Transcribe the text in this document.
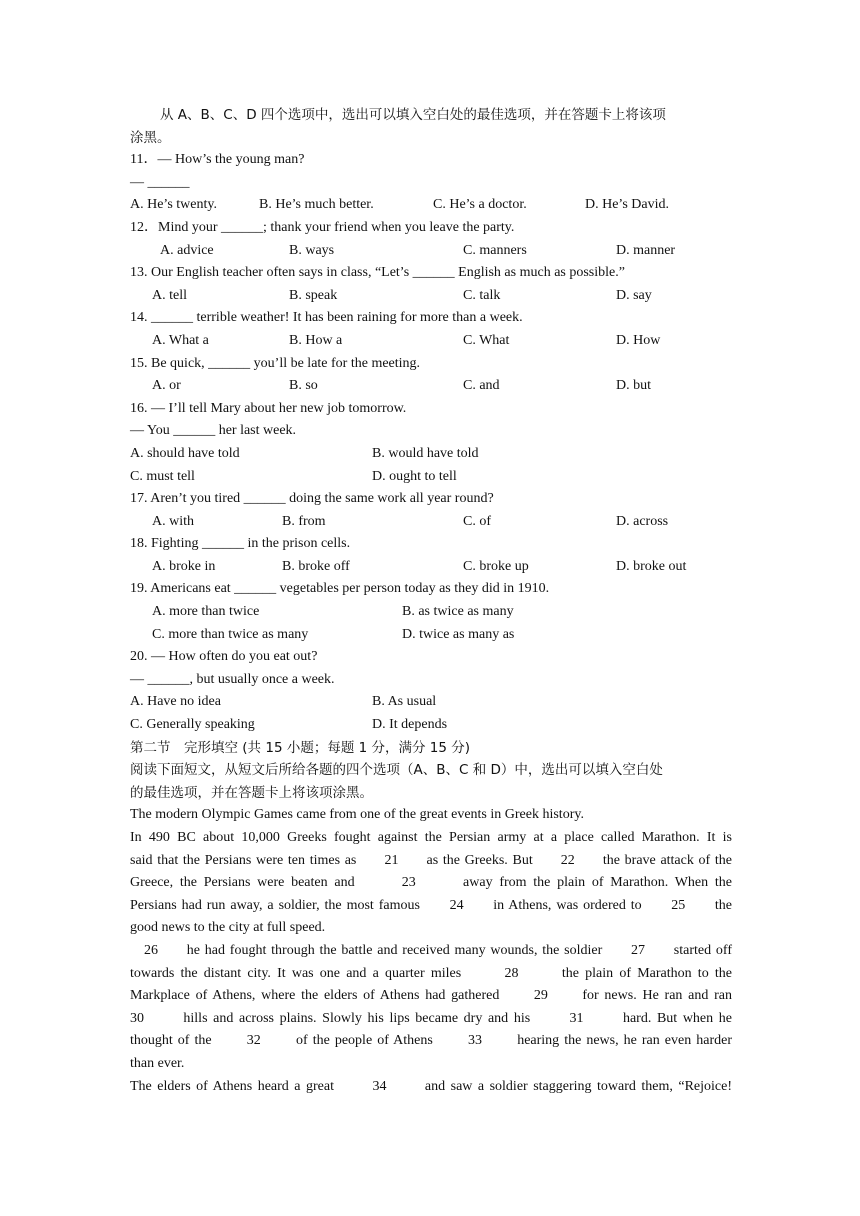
从 A、B、C、D 四个选项中，选出可以填入空白处的最佳选项，并在答题卡上将该项
涂黑。
11．— How’s the young man?
— ______
A. He’s twenty.	B. He’s much better.	C. He’s a doctor.	D. He’s David.
12．Mind your ______; thank your friend when you leave the party.
A. advice	B. ways	C. manners	D. manner
13. Our English teacher often says in class, “Let’s ______ English as much as possible.”
A. tell	B. speak	C. talk	D. say
14. ______ terrible weather! It has been raining for more than a week.
A. What a	B. How a	C. What	D. How
15. Be quick, ______ you’ll be late for the meeting.
A. or	B. so	C. and	D. but
16. — I’ll tell Mary about her new job tomorrow.
— You ______ her last week.
A. should have told	B. would have told
C. must tell	D. ought to tell
17. Aren’t you tired ______ doing the same work all year round?
A. with	B. from	C. of	D. across
18. Fighting ______ in the prison cells.
A. broke in	B. broke off	C. broke up	D. broke out
19. Americans eat ______ vegetables per person today as they did in 1910.
A. more than twice	B. as twice as many
C. more than twice as many	D. twice as many as
20. — How often do you eat out?
— ______, but usually once a week.
A. Have no idea	B. As usual
C. Generally speaking	D. It depends
第二节　完形填空 (共 15 小题；每题 1 分，满分 15 分)
阅读下面短文，从短文后所给各题的四个选项（A、B、C 和 D）中，选出可以填入空白处
的最佳选项，并在答题卡上将该项涂黑。
The modern Olympic Games came from one of the great events in Greek history.
In 490 BC about 10,000 Greeks fought against the Persian army at a place called Marathon. It is
said that the Persians were ten times as      21      as the Greeks. But      22      the brave attack of the
Greece, the Persians were beaten and       23       away from the plain of Marathon. When the
Persians had run away, a soldier, the most famous      24      in Athens, was ordered to      25      the
good news to the city at full speed.
26      he had fought through the battle and received many wounds, the soldier      27      started off
towards the distant city. It was one and a quarter miles       28       the plain of Marathon to the
Markplace of Athens, where the elders of Athens had gathered      29      for news. He ran and ran
30       hills and across plains. Slowly his lips became dry and his       31       hard. But when he
thought of the       32       of the people of Athens       33       hearing the news, he ran even harder
than ever.
The elders of Athens heard a great       34       and saw a soldier staggering toward them, “Rejoice!
